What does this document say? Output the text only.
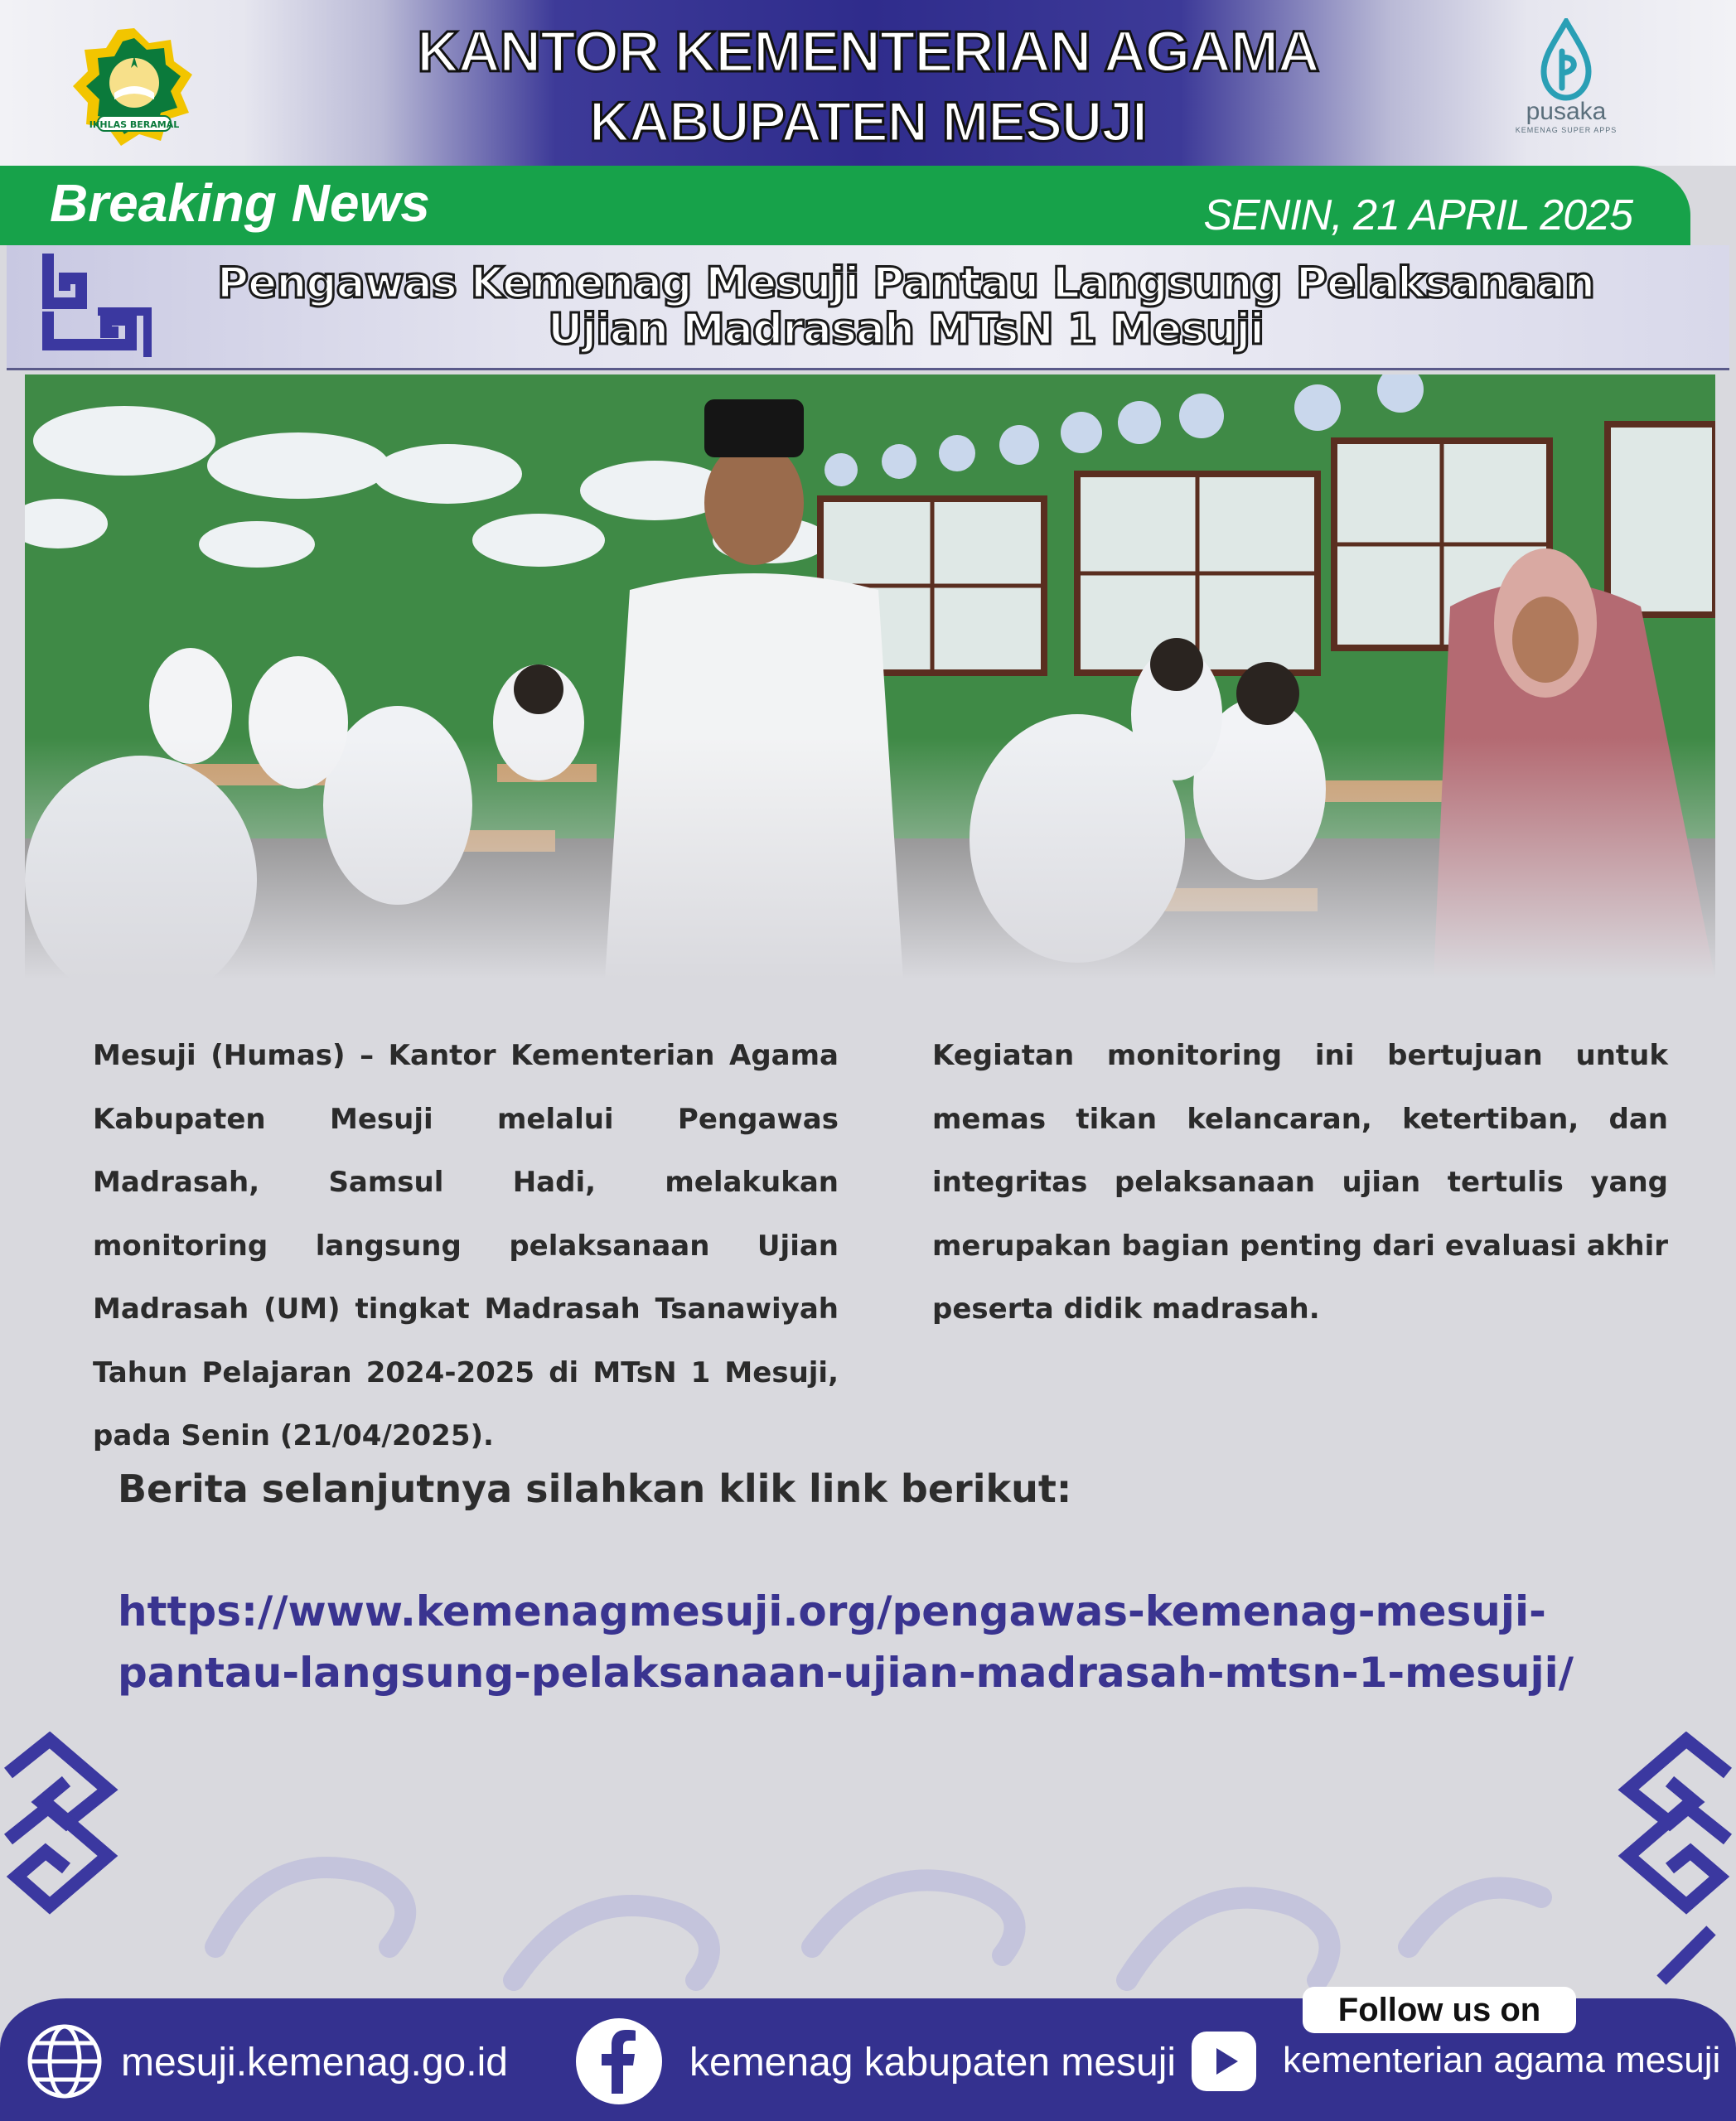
IKHLAS BERAMAL
KANTOR KEMENTERIAN AGAMA
KABUPATEN MESUJI	pusaka
KEMENAG SUPER APPS
Breaking News	SENIN, 21 APRIL 2025
Pengawas Kemenag Mesuji Pantau Langsung Pelaksanaan
Ujian Madrasah MTsN 1 Mesuji
Mesuji (Humas) – Kantor Kementerian Agama Kabupaten Mesuji melalui Pengawas Madrasah, Samsul Hadi, melakukan monitoring langsung pelaksanaan Ujian Madrasah (UM) tingkat Madrasah Tsanawiyah Tahun Pelajaran 2024-2025 di MTsN 1 Mesuji, pada Senin (21/04/2025).
Kegiatan monitoring ini bertujuan untuk memas tikan kelancaran, ketertiban, dan integritas pelaksanaan ujian tertulis yang merupakan bagian penting dari evaluasi akhir peserta didik madrasah.
Berita selanjutnya silahkan klik link berikut:
https://www.kemenagmesuji.org/pengawas-kemenag-mesuji-
pantau-langsung-pelaksanaan-ujian-madrasah-mtsn-1-mesuji/
Follow us on
mesuji.kemenag.go.id	kemenag kabupaten mesuji	kementerian agama mesuji
